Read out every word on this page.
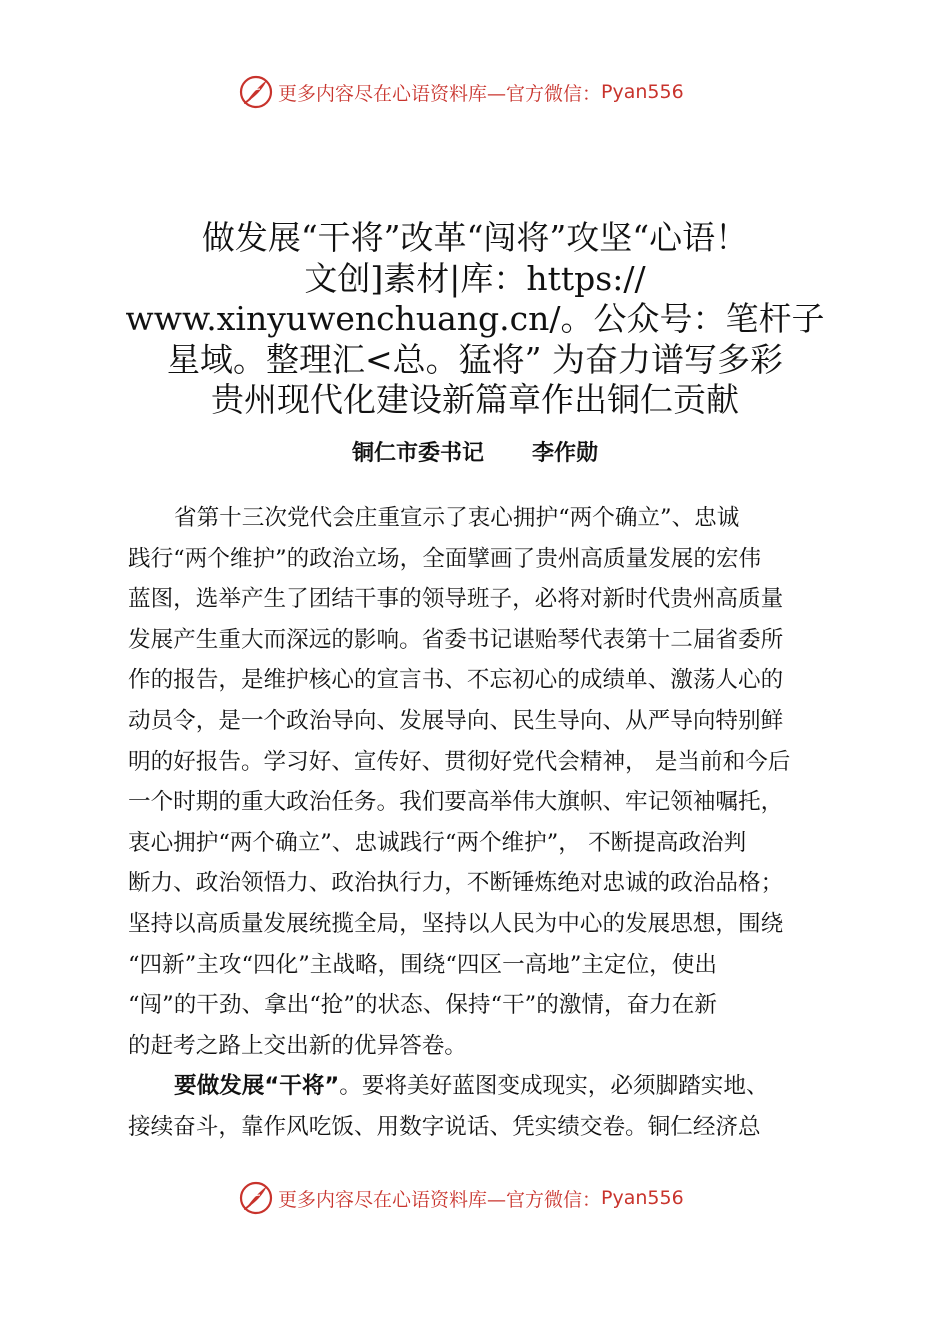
更多内容尽在心语资料库—官方微信： Pyan556
做发展“干将”改革“闯将”攻坚“心语！
文创]素材|库：https://
www.xinyuwenchuang.cn/。公众号：笔杆子
星域。整理汇<总。猛将” 为奋力谱写多彩
贵州现代化建设新篇章作出铜仁贡献
铜仁市委书记 李作勋
省第十三次党代会庄重宣示了衷心拥护“两个确立”、忠诚
践行“两个维护”的政治立场，全面擘画了贵州高质量发展的宏伟
蓝图，选举产生了团结干事的领导班子，必将对新时代贵州高质量
发展产生重大而深远的影响。省委书记谌贻琴代表第十二届省委所
作的报告，是维护核心的宣言书、不忘初心的成绩单、激荡人心的
动员令，是一个政治导向、发展导向、民生导向、从严导向特别鲜
明的好报告。学习好、宣传好、贯彻好党代会精神， 是当前和今后
一个时期的重大政治任务。我们要高举伟大旗帜、牢记领袖嘱托，
衷心拥护“两个确立”、忠诚践行“两个维护”， 不断提高政治判
断力、政治领悟力、政治执行力，不断锤炼绝对忠诚的政治品格；
坚持以高质量发展统揽全局，坚持以人民为中心的发展思想，围绕
“四新”主攻“四化”主战略，围绕“四区一高地”主定位，使出
“闯”的干劲、拿出“抢”的状态、保持“干”的激情，奋力在新
的赶考之路上交出新的优异答卷。
要做发展“干将”。要将美好蓝图变成现实，必须脚踏实地、
接续奋斗，靠作风吃饭、用数字说话、凭实绩交卷。铜仁经济总
更多内容尽在心语资料库—官方微信： Pyan556
